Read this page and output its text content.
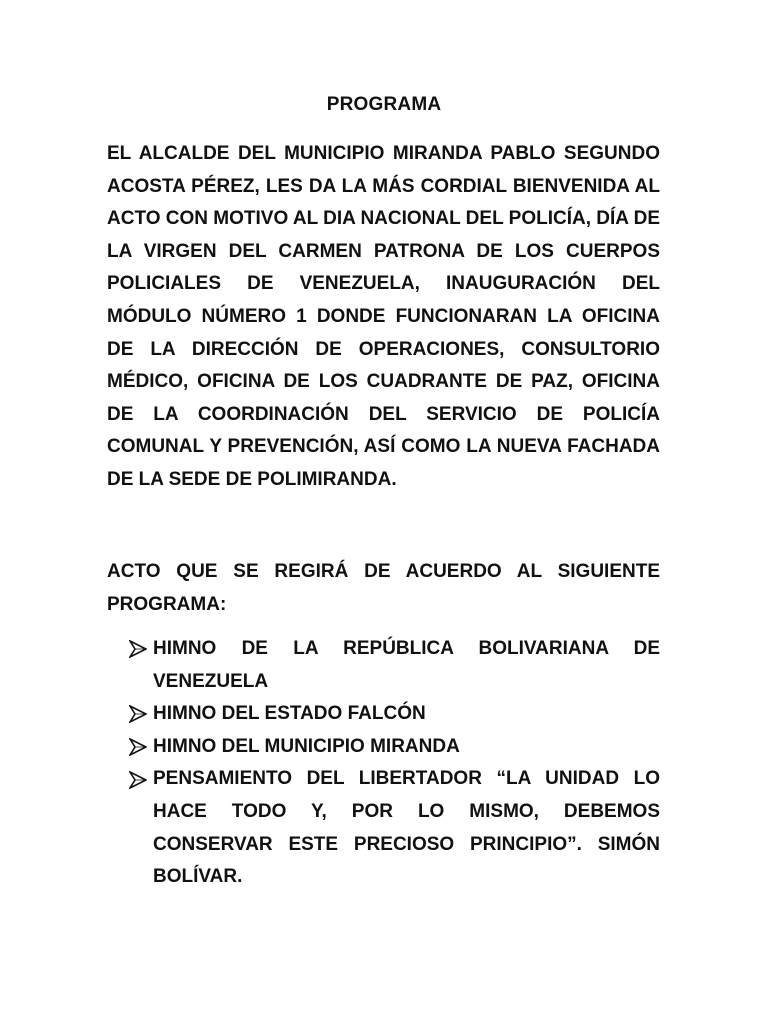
PROGRAMA

EL ALCALDE DEL MUNICIPIO MIRANDA PABLO SEGUNDO ACOSTA PÉREZ, LES DA LA MÁS CORDIAL BIENVENIDA AL ACTO CON MOTIVO AL DIA NACIONAL DEL POLICÍA, DÍA DE LA VIRGEN DEL CARMEN PATRONA DE LOS CUERPOS POLICIALES DE VENEZUELA, INAUGURACIÓN DEL MÓDULO NÚMERO 1 DONDE FUNCIONARAN LA OFICINA DE LA DIRECCIÓN DE OPERACIONES, CONSULTORIO MÉDICO, OFICINA DE LOS CUADRANTE DE PAZ, OFICINA DE LA COORDINACIÓN DEL SERVICIO DE POLICÍA COMUNAL Y PREVENCIÓN, ASÍ COMO LA NUEVA FACHADA DE LA SEDE DE POLIMIRANDA.

ACTO QUE SE REGIRÁ DE ACUERDO AL SIGUIENTE PROGRAMA:

HIMNO DE LA REPÚBLICA BOLIVARIANA DE VENEZUELA
HIMNO DEL ESTADO FALCÓN
HIMNO DEL MUNICIPIO MIRANDA
PENSAMIENTO DEL LIBERTADOR “LA UNIDAD LO HACE TODO Y, POR LO MISMO, DEBEMOS CONSERVAR ESTE PRECIOSO PRINCIPIO”. SIMÓN BOLÍVAR.
